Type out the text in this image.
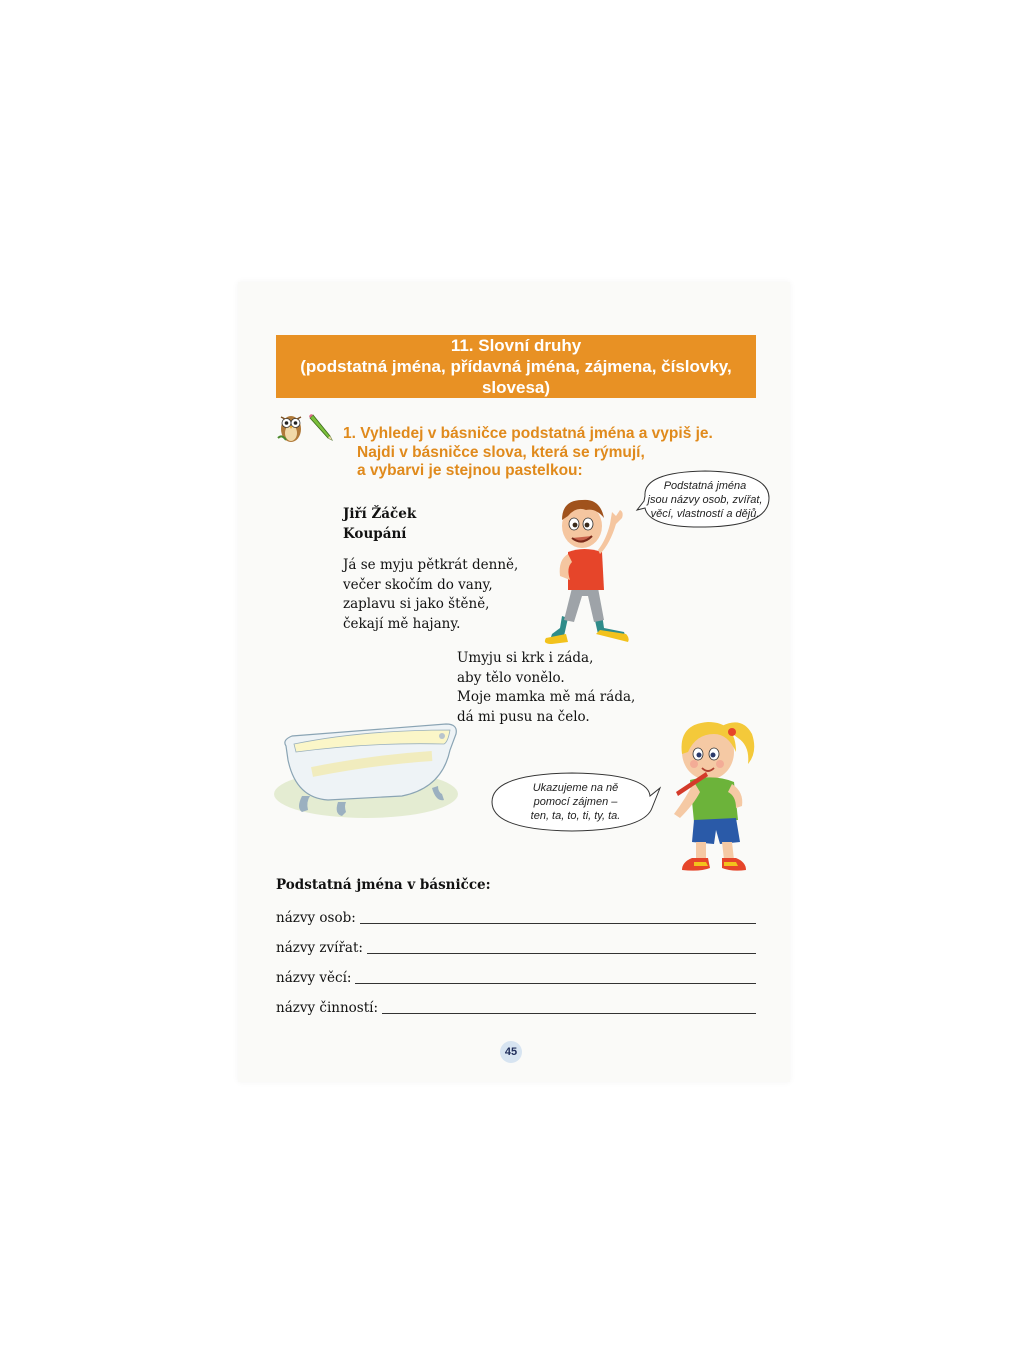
11. Slovní druhy
(podstatná jména, přídavná jména, zájmena, číslovky, slovesa)
1. Vyhledej v básničce podstatná jména a vypiš je.
Najdi v básničce slova, která se rýmují,
a vybarvi je stejnou pastelkou:
Jiří Žáček
Koupání
Já se myju pětkrát denně,
večer skočím do vany,
zaplavu si jako štěně,
čekají mě hajany.
Umyju si krk i záda,
aby tělo vonělo.
Moje mamka mě má ráda,
dá mi pusu na čelo.
Podstatná jména
jsou názvy osob, zvířat,
věcí, vlastností a dějů.
Ukazujeme na ně
pomocí zájmen –
ten, ta, to, ti, ty, ta.
Podstatná jména v básničce:
názvy osob:
názvy zvířat:
názvy věcí:
názvy činností:
45
